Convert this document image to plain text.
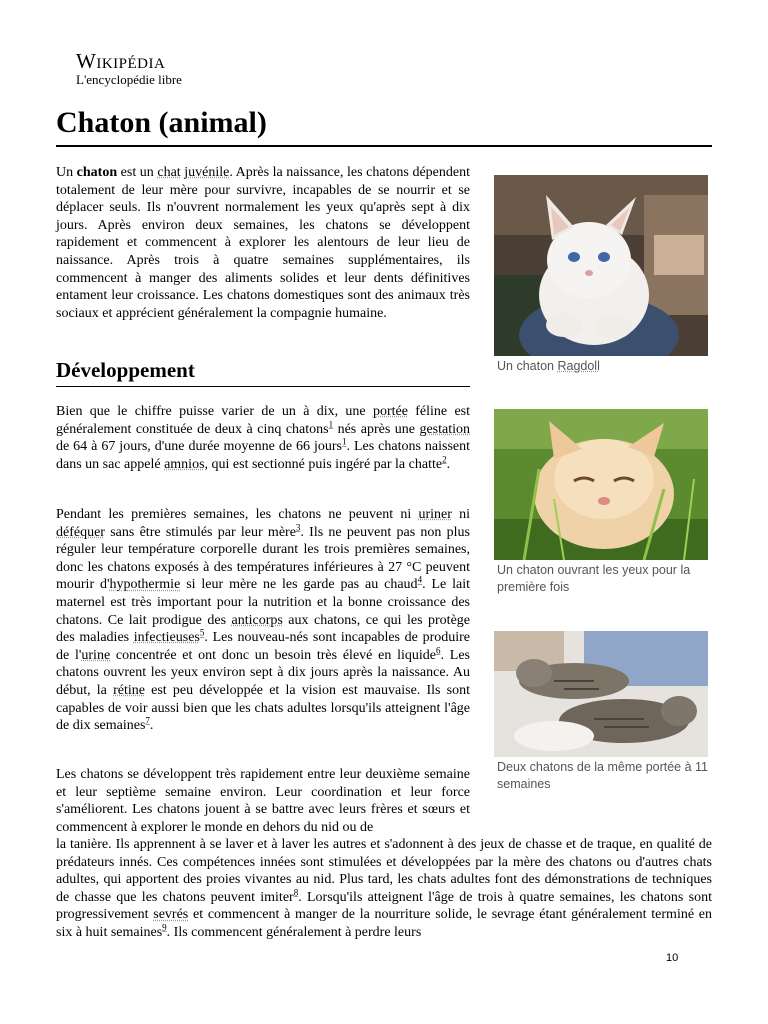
Wikipédia
L'encyclopédie libre
Chaton (animal)

Un chaton est un chat juvénile. Après la naissance, les chatons dépendent totalement de leur mère pour survivre, incapables de se nourrir et se déplacer seuls. Ils n'ouvrent normalement les yeux qu'après sept à dix jours. Après environ deux semaines, les chatons se développent rapidement et commencent à explorer les alentours de leur lieu de naissance. Après trois à quatre semaines supplémentaires, ils commencent à manger des aliments solides et leur dents définitives entament leur croissance. Les chatons domestiques sont des animaux très sociaux et apprécient généralement la compagnie humaine.

Développement

Bien que le chiffre puisse varier de un à dix, une portée féline est généralement constituée de deux à cinq chatons$^1$ nés après une gestation de 64 à 67 jours, d'une durée moyenne de 66 jours$^1$. Les chatons naissent dans un sac appelé amnios, qui est sectionné puis ingéré par la chatte$^2$.

Pendant les premières semaines, les chatons ne peuvent ni uriner ni déféquer sans être stimulés par leur mère$^3$. Ils ne peuvent pas non plus réguler leur température corporelle durant les trois premières semaines, donc les chatons exposés à des températures inférieures à 27 °C peuvent mourir d'hypothermie si leur mère ne les garde pas au chaud$^4$. Le lait maternel est très important pour la nutrition et la bonne croissance des chatons. Ce lait prodigue des anticorps aux chatons, ce qui les protège des maladies infectieuses$^5$. Les nouveau-nés sont incapables de produire de l'urine concentrée et ont donc un besoin très élevé en liquide$^6$. Les chatons ouvrent les yeux environ sept à dix jours après la naissance. Au début, la rétine est peu développée et la vision est mauvaise. Ils sont capables de voir aussi bien que les chats adultes lorsqu'ils atteignent l'âge de dix semaines$^7$.

Les chatons se développent très rapidement entre leur deuxième semaine et leur septième semaine environ. Leur coordination et leur force s'améliorent. Les chatons jouent à se battre avec leurs frères et sœurs et commencent à explorer le monde en dehors du nid ou de

la tanière. Ils apprennent à se laver et à laver les autres et s'adonnent à des jeux de chasse et de traque, en qualité de prédateurs innés. Ces compétences innées sont stimulées et développées par la mère des chatons ou d'autres chats adultes, qui apportent des proies vivantes au nid. Plus tard, les chats adultes font des démonstrations de techniques de chasse que les chatons peuvent imiter$^8$. Lorsqu'ils atteignent l'âge de trois à quatre semaines, les chatons sont progressivement sevrés et commencent à manger de la nourriture solide, le sevrage étant généralement terminé en six à huit semaines$^9$. Ils commencent généralement à perdre leurs

Un chaton Ragdoll
Un chaton ouvrant les yeux pour la première fois
Deux chatons de la même portée à 11 semaines
10
